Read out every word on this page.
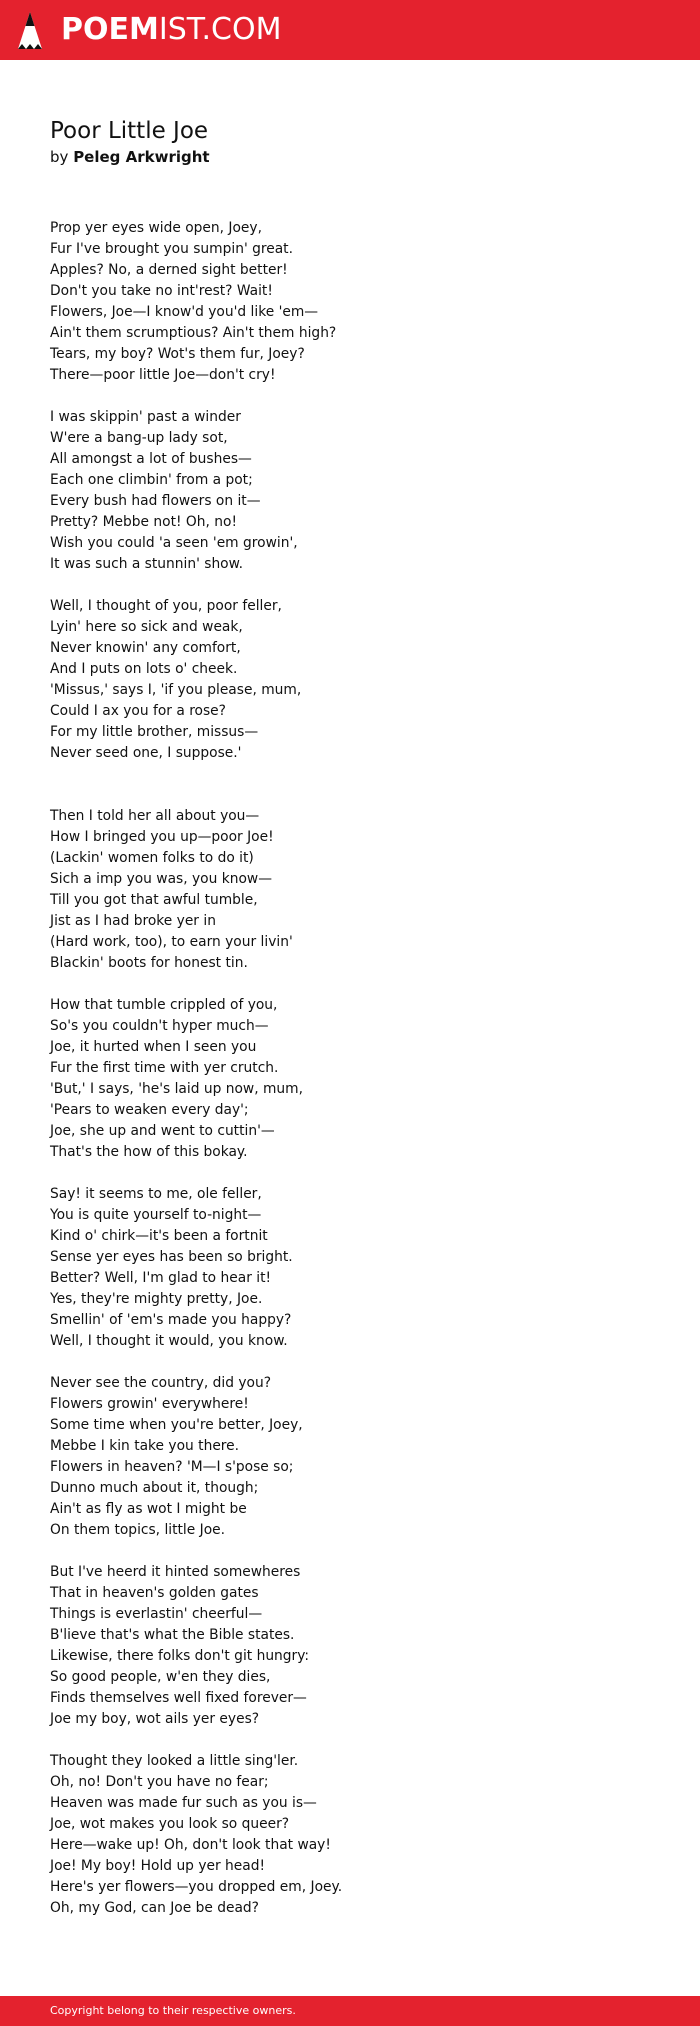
POEMIST.COM
Poor Little Joe
by Peleg Arkwright
Prop yer eyes wide open, Joey,
Fur I've brought you sumpin' great.
Apples? No, a derned sight better!
Don't you take no int'rest? Wait!
Flowers, Joe—I know'd you'd like 'em—
Ain't them scrumptious? Ain't them high?
Tears, my boy? Wot's them fur, Joey?
There—poor little Joe—don't cry!
I was skippin' past a winder
W'ere a bang-up lady sot,
All amongst a lot of bushes—
Each one climbin' from a pot;
Every bush had flowers on it—
Pretty? Mebbe not! Oh, no!
Wish you could 'a seen 'em growin',
It was such a stunnin' show.
Well, I thought of you, poor feller,
Lyin' here so sick and weak,
Never knowin' any comfort,
And I puts on lots o' cheek.
'Missus,' says I, 'if you please, mum,
Could I ax you for a rose?
For my little brother, missus—
Never seed one, I suppose.'
Then I told her all about you—
How I bringed you up—poor Joe!
(Lackin' women folks to do it)
Sich a imp you was, you know—
Till you got that awful tumble,
Jist as I had broke yer in
(Hard work, too), to earn your livin'
Blackin' boots for honest tin.
How that tumble crippled of you,
So's you couldn't hyper much—
Joe, it hurted when I seen you
Fur the first time with yer crutch.
'But,' I says, 'he's laid up now, mum,
'Pears to weaken every day';
Joe, she up and went to cuttin'—
That's the how of this bokay.
Say! it seems to me, ole feller,
You is quite yourself to-night—
Kind o' chirk—it's been a fortnit
Sense yer eyes has been so bright.
Better? Well, I'm glad to hear it!
Yes, they're mighty pretty, Joe.
Smellin' of 'em's made you happy?
Well, I thought it would, you know.
Never see the country, did you?
Flowers growin' everywhere!
Some time when you're better, Joey,
Mebbe I kin take you there.
Flowers in heaven? 'M—I s'pose so;
Dunno much about it, though;
Ain't as fly as wot I might be
On them topics, little Joe.
But I've heerd it hinted somewheres
That in heaven's golden gates
Things is everlastin' cheerful—
B'lieve that's what the Bible states.
Likewise, there folks don't git hungry:
So good people, w'en they dies,
Finds themselves well fixed forever—
Joe my boy, wot ails yer eyes?
Thought they looked a little sing'ler.
Oh, no! Don't you have no fear;
Heaven was made fur such as you is—
Joe, wot makes you look so queer?
Here—wake up! Oh, don't look that way!
Joe! My boy! Hold up yer head!
Here's yer flowers—you dropped em, Joey.
Oh, my God, can Joe be dead?
Copyright belong to their respective owners.
